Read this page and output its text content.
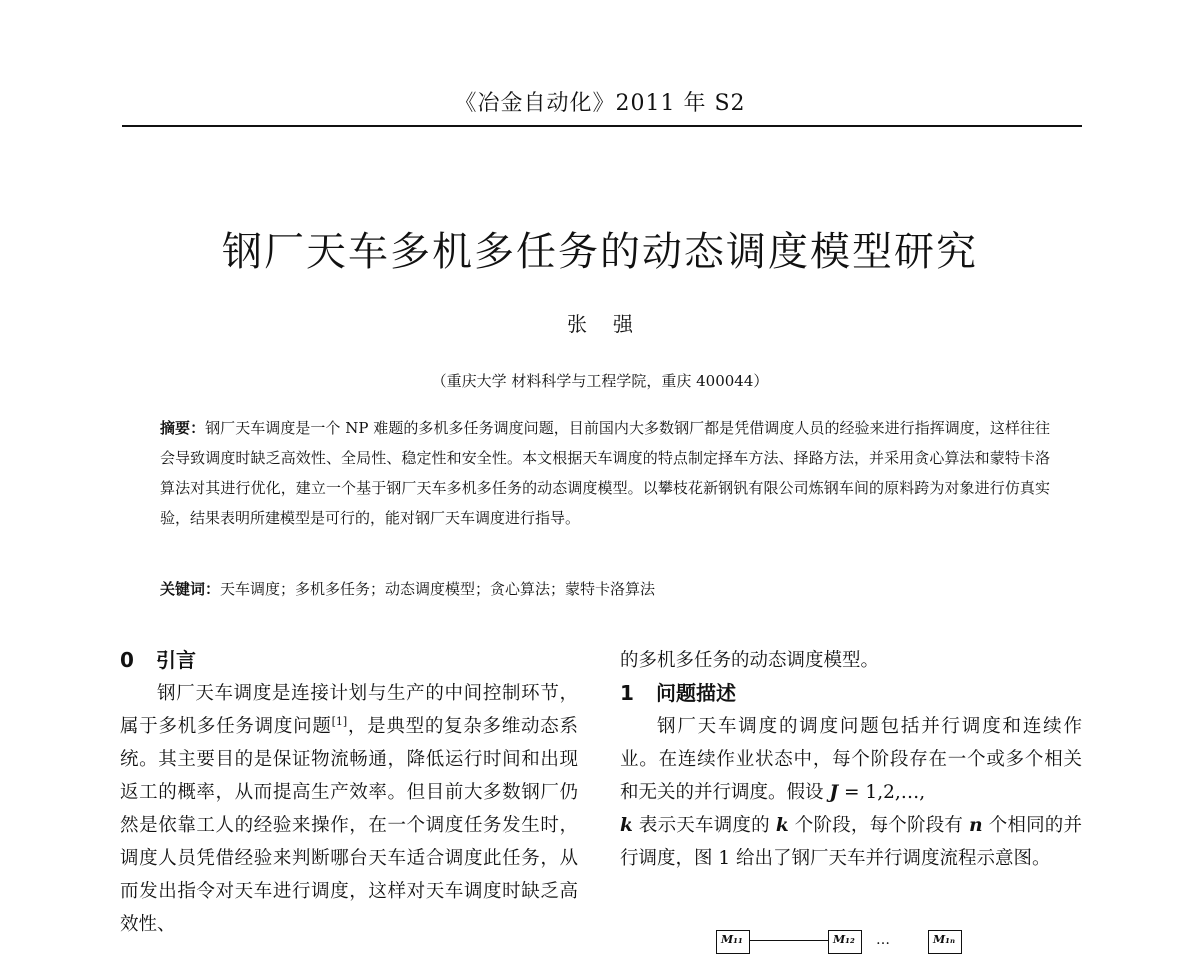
《冶金自动化》2011 年 S2
钢厂天车多机多任务的动态调度模型研究
张强
（重庆大学 材料科学与工程学院，重庆 400044）
摘要：钢厂天车调度是一个 NP 难题的多机多任务调度问题，目前国内大多数钢厂都是凭借调度人员的经验来进行指挥调度，这样往往会导致调度时缺乏高效性、全局性、稳定性和安全性。本文根据天车调度的特点制定择车方法、择路方法，并采用贪心算法和蒙特卡洛算法对其进行优化，建立一个基于钢厂天车多机多任务的动态调度模型。以攀枝花新钢钒有限公司炼钢车间的原料跨为对象进行仿真实验，结果表明所建模型是可行的，能对钢厂天车调度进行指导。
关键词：天车调度；多机多任务；动态调度模型；贪心算法；蒙特卡洛算法
0 引言

钢厂天车调度是连接计划与生产的中间控制环节，属于多机多任务调度问题[1]，是典型的复杂多维动态系统。其主要目的是保证物流畅通，降低运行时间和出现返工的概率，从而提高生产效率。但目前大多数钢厂仍然是依靠工人的经验来操作，在一个调度任务发生时，调度人员凭借经验来判断哪台天车适合调度此任务，从而发出指令对天车进行调度，这样对天车调度时缺乏高效性、

的多机多任务的动态调度模型。

1 问题描述

钢厂天车调度的调度问题包括并行调度和连续作业。在连续作业状态中，每个阶段存在一个或多个相关和无关的并行调度。假设 J = 1,2,…,
k 表示天车调度的 k 个阶段，每个阶段有 n 个相同的并行调度，图 1 给出了钢厂天车并行调度流程示意图。

M₁₁	M₁₂	…	M₁ₙ
